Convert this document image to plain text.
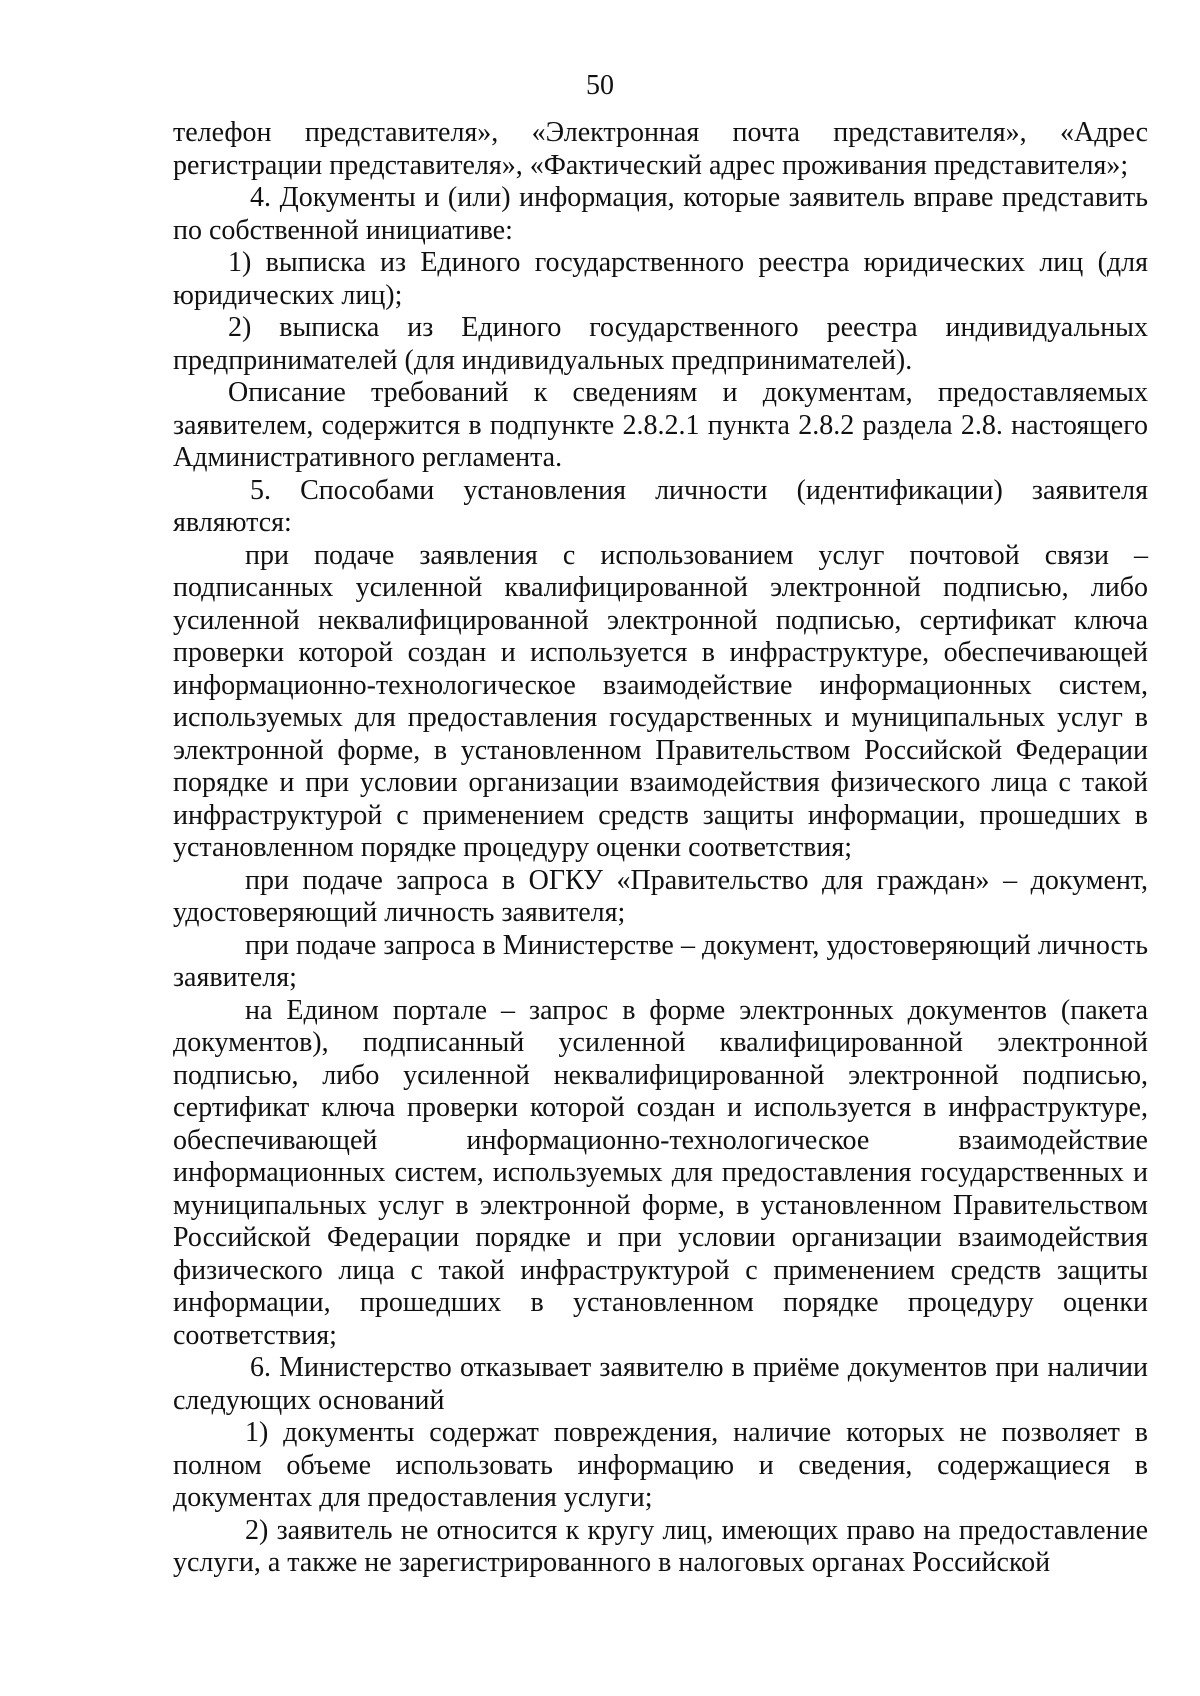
50

телефон представителя», «Электронная почта представителя», «Адрес регистрации представителя», «Фактический адрес проживания представителя»;

4. Документы и (или) информация, которые заявитель вправе представить по собственной инициативе:

1) выписка из Единого государственного реестра юридических лиц (для юридических лиц);

2) выписка из Единого государственного реестра индивидуальных предпринимателей (для индивидуальных предпринимателей).

Описание требований к сведениям и документам, предоставляемых заявителем, содержится в подпункте 2.8.2.1 пункта 2.8.2 раздела 2.8. настоящего Административного регламента.

5. Способами установления личности (идентификации) заявителя являются:

при подаче заявления с использованием услуг почтовой связи – подписанных усиленной квалифицированной электронной подписью, либо усиленной неквалифицированной электронной подписью, сертификат ключа проверки которой создан и используется в инфраструктуре, обеспечивающей информационно-технологическое взаимодействие информационных систем, используемых для предоставления государственных и муниципальных услуг в электронной форме, в установленном Правительством Российской Федерации порядке и при условии организации взаимодействия физического лица с такой инфраструктурой с применением средств защиты информации, прошедших в установленном порядке процедуру оценки соответствия;

при подаче запроса в ОГКУ «Правительство для граждан» – документ, удостоверяющий личность заявителя;

при подаче запроса в Министерстве – документ, удостоверяющий личность заявителя;

на Едином портале – запрос в форме электронных документов (пакета документов), подписанный усиленной квалифицированной электронной подписью, либо усиленной неквалифицированной электронной подписью, сертификат ключа проверки которой создан и используется в инфраструктуре, обеспечивающей информационно-технологическое взаимодействие информационных систем, используемых для предоставления государственных и муниципальных услуг в электронной форме, в установленном Правительством Российской Федерации порядке и при условии организации взаимодействия физического лица с такой инфраструктурой с применением средств защиты информации, прошедших в установленном порядке процедуру оценки соответствия;

6. Министерство отказывает заявителю в приёме документов при наличии следующих оснований

1) документы содержат повреждения, наличие которых не позволяет в полном объеме использовать информацию и сведения, содержащиеся в документах для предоставления услуги;

2) заявитель не относится к кругу лиц, имеющих право на предоставление услуги, а также не зарегистрированного в налоговых органах Российской
